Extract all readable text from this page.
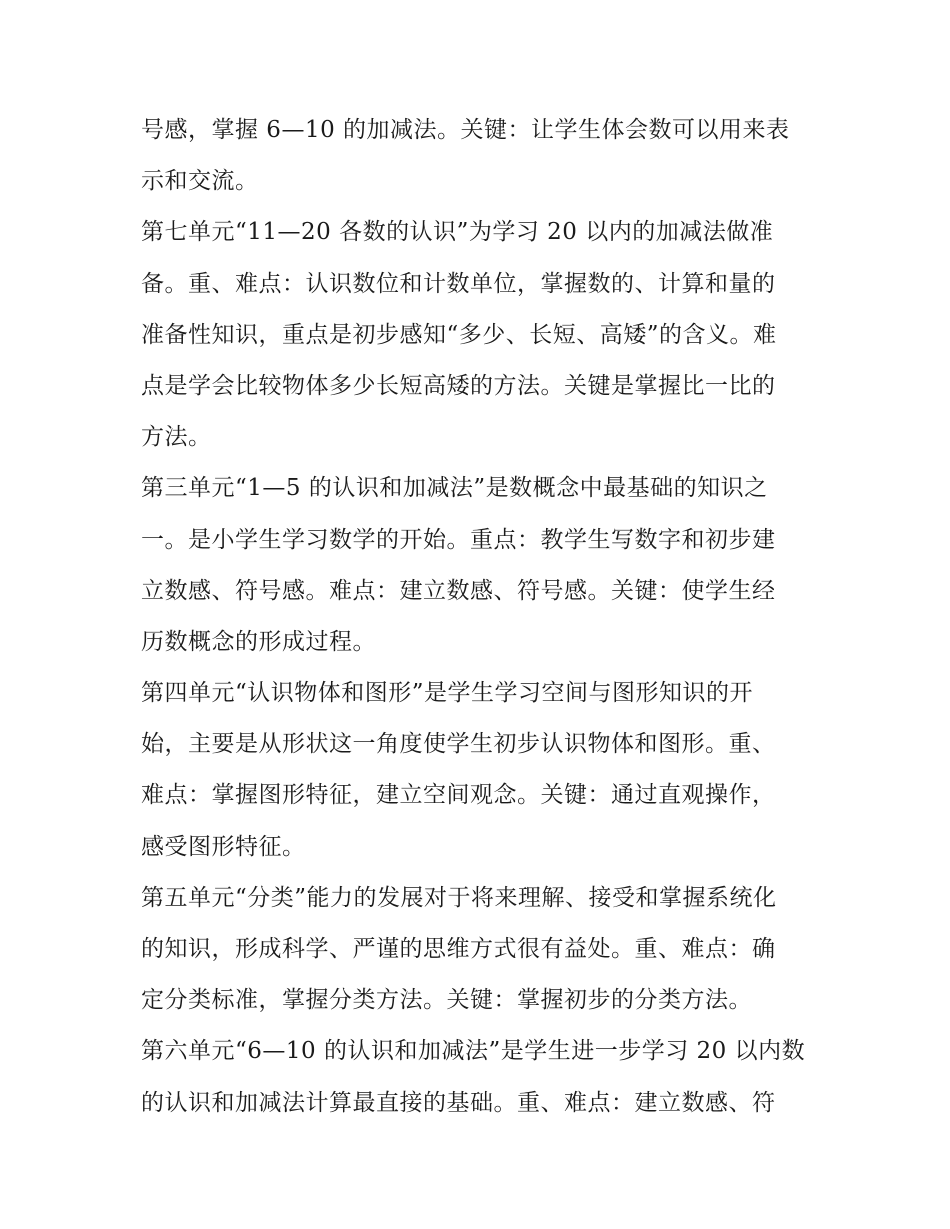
号感，掌握 6—10 的加减法。关键：让学生体会数可以用来表
示和交流。
第七单元“11—20 各数的认识”为学习 20 以内的加减法做准
备。重、难点：认识数位和计数单位，掌握数的、计算和量的
准备性知识，重点是初步感知“多少、长短、高矮”的含义。难
点是学会比较物体多少长短高矮的方法。关键是掌握比一比的
方法。
第三单元“1—5 的认识和加减法”是数概念中最基础的知识之
一。是小学生学习数学的开始。重点：教学生写数字和初步建
立数感、符号感。难点：建立数感、符号感。关键：使学生经
历数概念的形成过程。
第四单元“认识物体和图形”是学生学习空间与图形知识的开
始，主要是从形状这一角度使学生初步认识物体和图形。重、
难点：掌握图形特征，建立空间观念。关键：通过直观操作，
感受图形特征。
第五单元“分类”能力的发展对于将来理解、接受和掌握系统化
的知识，形成科学、严谨的思维方式很有益处。重、难点：确
定分类标准，掌握分类方法。关键：掌握初步的分类方法。
第六单元“6—10 的认识和加减法”是学生进一步学习 20 以内数
的认识和加减法计算最直接的基础。重、难点：建立数感、符
